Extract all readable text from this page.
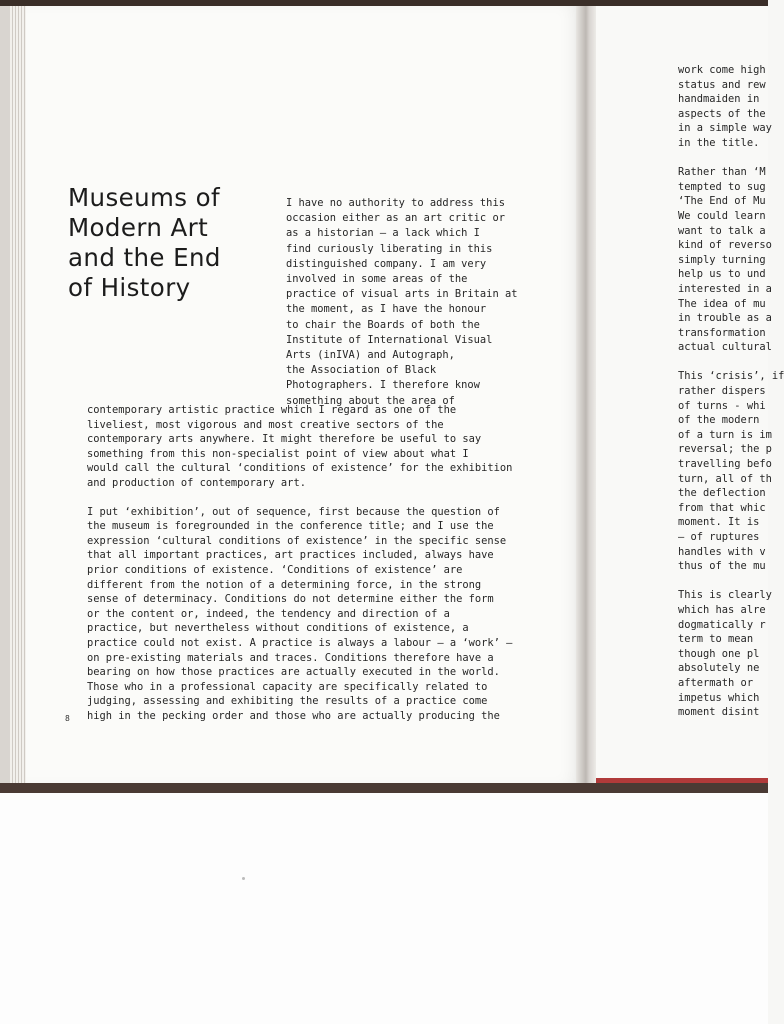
work come high
status and rew
handmaiden in
aspects of the
in a simple way
in the title.
Rather than ‘M
tempted to sug
‘The End of Mu
We could learn
want to talk a
kind of reverso
simply turning
help us to und
interested in a
The idea of mu
in trouble as a
transformation
actual cultural
This ‘crisis’, if
rather dispers
of turns - whi
of the modern
of a turn is im
reversal; the p
travelling befo
turn, all of th
the deflection
from that whic
moment. It is
– of ruptures
handles with v
thus of the mu
This is clearly
which has alre
dogmatically r
term to mean
though one pl
absolutely ne
aftermath or
impetus which
moment disint
Museums of
Modern Art
and the End
of History
I have no authority to address this
occasion either as an art critic or
as a historian – a lack which I
find curiously liberating in this
distinguished company. I am very
involved in some areas of the
practice of visual arts in Britain at
the moment, as I have the honour
to chair the Boards of both the
Institute of International Visual
Arts (inIVA) and Autograph,
the Association of Black
Photographers. I therefore know
something about the area of
contemporary artistic practice which I regard as one of the
liveliest, most vigorous and most creative sectors of the
contemporary arts anywhere. It might therefore be useful to say
something from this non-specialist point of view about what I
would call the cultural ‘conditions of existence’ for the exhibition
and production of contemporary art.
I put ‘exhibition’, out of sequence, first because the question of
the museum is foregrounded in the conference title; and I use the
expression ‘cultural conditions of existence’ in the specific sense
that all important practices, art practices included, always have
prior conditions of existence. ‘Conditions of existence’ are
different from the notion of a determining force, in the strong
sense of determinacy. Conditions do not determine either the form
or the content or, indeed, the tendency and direction of a
practice, but nevertheless without conditions of existence, a
practice could not exist. A practice is always a labour – a ‘work’ –
on pre-existing materials and traces. Conditions therefore have a
bearing on how those practices are actually executed in the world.
Those who in a professional capacity are specifically related to
judging, assessing and exhibiting the results of a practice come
high in the pecking order and those who are actually producing the
8
